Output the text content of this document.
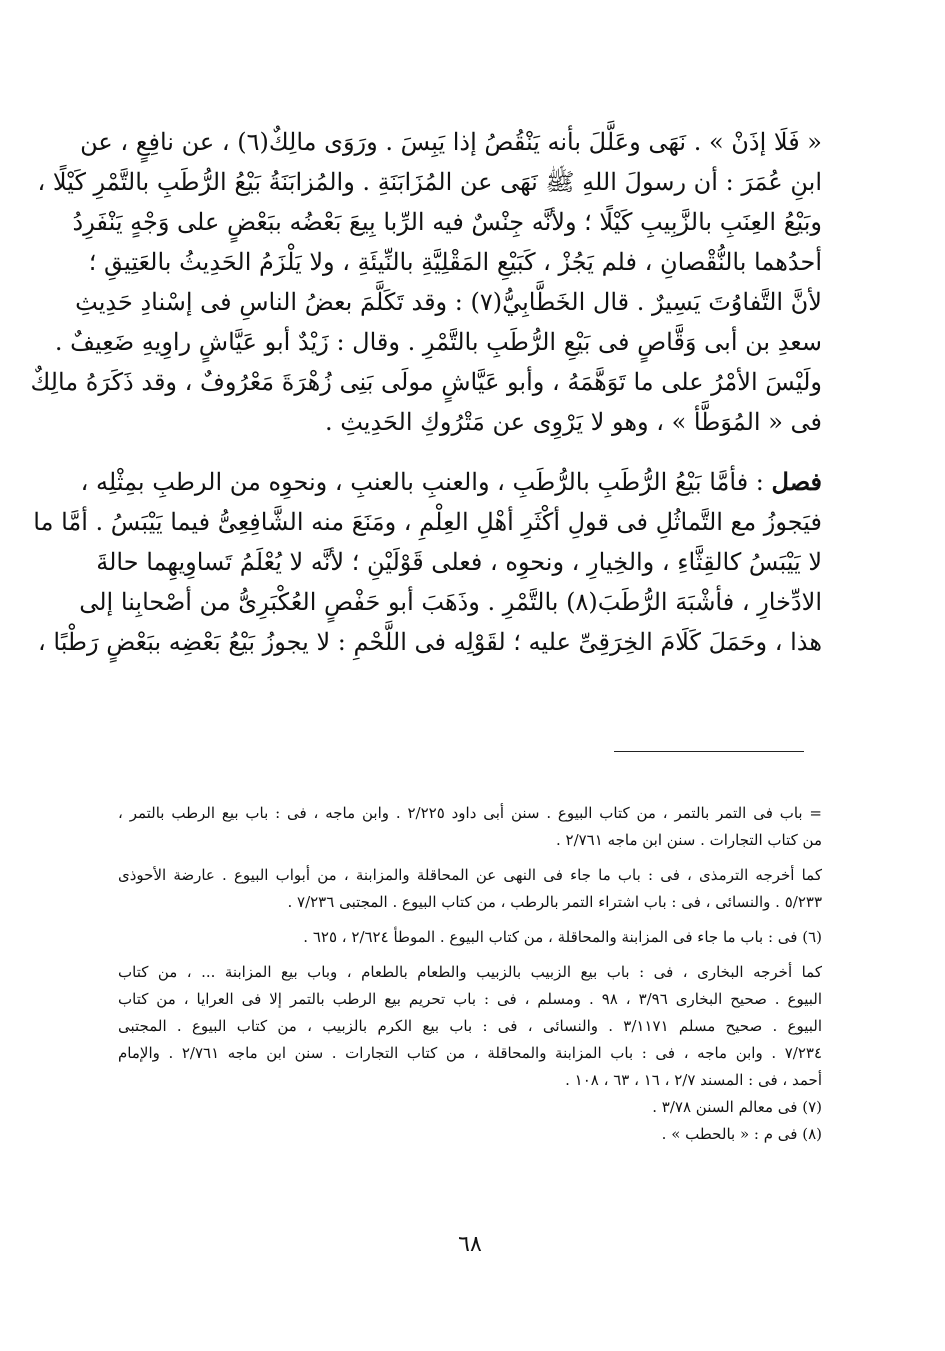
« فَلَا إذَنْ » . نَهَى وعَلَّلَ بأنه يَنْقُصُ إذا يَبِسَ . ورَوَى مالِكٌ(٦) ، عن نافِعٍ ، عن
ابنِ عُمَرَ : أن رسولَ اللهِ ﷺ نَهَى عن المُزَابَنَةِ . والمُزابَنَةُ بَيْعُ الرُّطَبِ بالتَّمْرِ كَيْلًا ،
وبَيْعُ العِنَبِ بالزَّبِيبِ كَيْلًا ؛ ولأنَّه جِنْسٌ فيه الرِّبا بِيعَ بَعْضُه ببَعْضٍ على وَجْهٍ يَنْفَرِدُ
أحدُهما بالنُّقْصانِ ، فلم يَجُزْ ، كَبَيْعِ المَقْلِيَّةِ بالنِّيئَةِ ، ولا يَلْزَمُ الحَدِيثُ بالعَتِيقِ ؛
لأنَّ التَّفاوُتَ يَسِيرٌ . قال الخَطَّابِيُّ(٧) : وقد تَكَلَّمَ بعضُ الناسِ فى إسْنادِ حَدِيثِ
سعدِ بن أبى وَقَّاصٍ فى بَيْعِ الرُّطَبِ بالتَّمْرِ . وقال : زَيْدٌ أبو عَيَّاشٍ راوِيهِ ضَعِيفٌ .
ولَيْسَ الأمْرُ على ما تَوَهَّمَهُ ، وأبو عَيَّاشٍ مولَى بَنِى زُهْرَةَ مَعْرُوفٌ ، وقد ذَكَرَهُ مالِكٌ
فى « المُوَطَّأ » ، وهو لا يَرْوِى عن مَتْرُوكِ الحَدِيثِ .
فصل : فأمَّا بَيْعُ الرُّطَبِ بالرُّطَبِ ، والعنبِ بالعنبِ ، ونحوِه من الرطبِ بمِثْلِه ،
فيَجوزُ مع التَّماثُلِ فى قولِ أكْثَرِ أهْلِ العِلْمِ ، ومَنَعَ منه الشَّافِعِىُّ فيما يَيْبَسُ . أمَّا ما
لا يَيْبَسُ كالقِثَّاءِ ، والخِيارِ ، ونحوِه ، فعلى قَوْلَيْنِ ؛ لأنَّه لا يُعْلَمُ تَساوِيهِما حالةَ
الادِّخارِ ، فأشْبَهَ الرُّطَبَ(٨) بالتَّمْرِ . وذَهَبَ أبو حَفْصٍ العُكْبَرِىُّ من أصْحابِنا إلى
هذا ، وحَمَلَ كَلَامَ الخِرَقِىِّ عليه ؛ لقَوْلِه فى اللَّحْمِ : لا يجوزُ بَيْعُ بَعْضِه ببَعْضٍ رَطْبًا ،
= باب فى التمر بالتمر ، من كتاب البيوع . سنن أبى داود ٢/٢٢٥ . وابن ماجه ، فى : باب بيع الرطب بالتمر ،
من كتاب التجارات . سنن ابن ماجه ٢/٧٦١ .
كما أخرجه الترمذى ، فى : باب ما جاء فى النهى عن المحاقلة والمزابنة ، من أبواب البيوع . عارضة الأحوذى
٥/٢٣٣ . والنسائى ، فى : باب اشتراء التمر بالرطب ، من كتاب البيوع . المجتبى ٧/٢٣٦ .
(٦) فى : باب ما جاء فى المزابنة والمحاقلة ، من كتاب البيوع . الموطأ ٢/٦٢٤ ، ٦٢٥ .
كما أخرجه البخارى ، فى : باب بيع الزبيب بالزبيب والطعام بالطعام ، وباب بيع المزابنة ... ، من كتاب
البيوع . صحيح البخارى ٣/٩٦ ، ٩٨ . ومسلم ، فى : باب تحريم بيع الرطب بالتمر إلا فى العرايا ، من كتاب
البيوع . صحيح مسلم ٣/١١٧١ . والنسائى ، فى : باب بيع الكرم بالزبيب ، من كتاب البيوع . المجتبى
٧/٢٣٤ . وابن ماجه ، فى : باب المزابنة والمحاقلة ، من كتاب التجارات . سنن ابن ماجه ٢/٧٦١ . والإمام
أحمد ، فى : المسند ٢/٧ ، ١٦ ، ٦٣ ، ١٠٨ .
(٧) فى معالم السنن ٣/٧٨ .
(٨) فى م : « بالحطب » .
٦٨
